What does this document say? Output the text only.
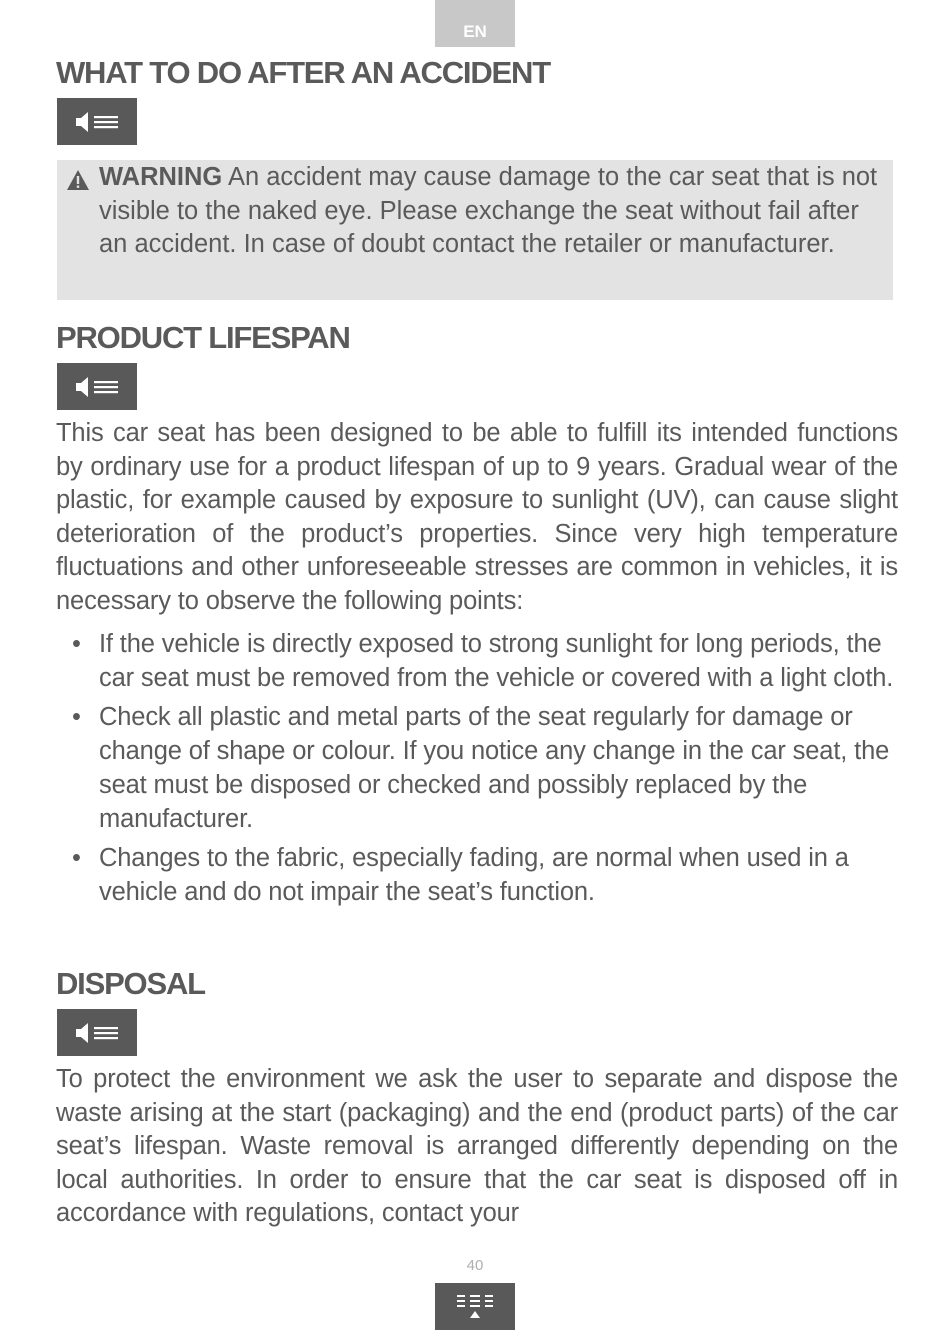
EN
WHAT TO DO AFTER AN ACCIDENT

WARNING An accident may cause damage to the car seat that is not visible to the naked eye. Please exchange the seat without fail after an accident. In case of doubt contact the retailer or manufacturer.

PRODUCT LIFESPAN

This car seat has been designed to be able to fulfill its intended functions by ordinary use for a product lifespan of up to 9 years. Gradual wear of the plastic, for example caused by exposure to sunlight (UV), can cause slight deterioration of the product’s properties. Since very high temperature fluctuations and other unforeseeable stresses are common in vehicles, it is necessary to observe the following points:

• If the vehicle is directly exposed to strong sunlight for long periods, the car seat must be removed from the vehicle or covered with a light cloth.
• Check all plastic and metal parts of the seat regularly for damage or change of shape or colour. If you notice any change in the car seat, the seat must be disposed or checked and possibly replaced by the manufacturer.
• Changes to the fabric, especially fading, are normal when used in a vehicle and do not impair the seat’s function.
DISPOSAL

To protect the environment we ask the user to separate and dispose the waste arising at the start (packaging) and the end (product parts) of the car seat’s lifespan. Waste removal is arranged differently depending on the local authorities. In order to ensure that the car seat is disposed off in accordance with regulations, contact your

40
